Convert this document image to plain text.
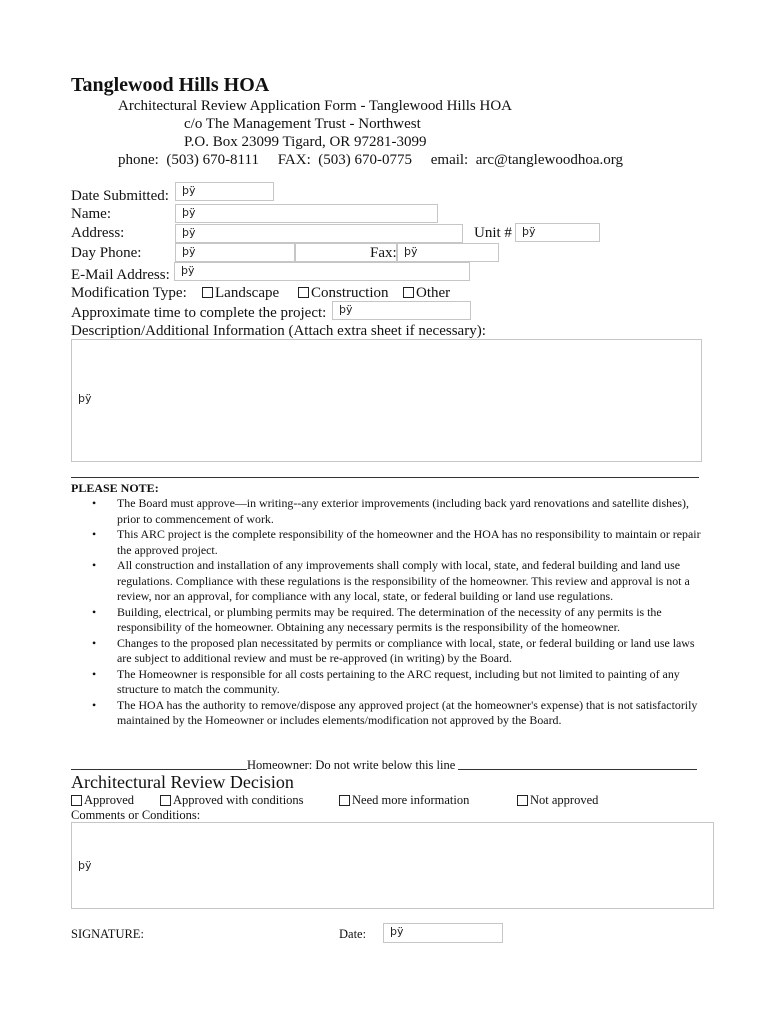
Tanglewood Hills HOA
Architectural Review Application Form - Tanglewood Hills HOA
c/o The Management Trust - Northwest
P.O. Box 23099 Tigard, OR 97281-3099
phone:  (503) 670-8111     FAX:  (503) 670-0775     email:  arc@tanglewoodhoa.org
Date Submitted:	þÿ
Name:	þÿ
Address:	þÿ	Unit # þÿ
Day Phone:	þÿ	Fax: þÿ
E-Mail Address:	þÿ
Modification Type:	Landscape	Construction	Other
Approximate time to complete the project:	þÿ
Description/Additional Information (Attach extra sheet if necessary):
þÿ
PLEASE NOTE:
• The Board must approve—in writing--any exterior improvements (including back yard renovations and satellite dishes), prior to commencement of work.
• This ARC project is the complete responsibility of the homeowner and the HOA has no responsibility to maintain or repair the approved project.
• All construction and installation of any improvements shall comply with local, state, and federal building and land use regulations. Compliance with these regulations is the responsibility of the homeowner. This review and approval is not a review, nor an approval, for compliance with any local, state, or federal building or land use regulations.
• Building, electrical, or plumbing permits may be required. The determination of the necessity of any permits is the responsibility of the homeowner. Obtaining any necessary permits is the responsibility of the homeowner.
• Changes to the proposed plan necessitated by permits or compliance with local, state, or federal building or land use laws are subject to additional review and must be re-approved (in writing) by the Board.
• The Homeowner is responsible for all costs pertaining to the ARC request, including but not limited to painting of any structure to match the community.
• The HOA has the authority to remove/dispose any approved project (at the homeowner's expense) that is not satisfactorily maintained by the Homeowner or includes elements/modification not approved by the Board.
Homeowner: Do not write below this line
Architectural Review Decision
Approved	Approved with conditions	Need more information	Not approved
Comments or Conditions:
þÿ
SIGNATURE:	Date:	þÿ
